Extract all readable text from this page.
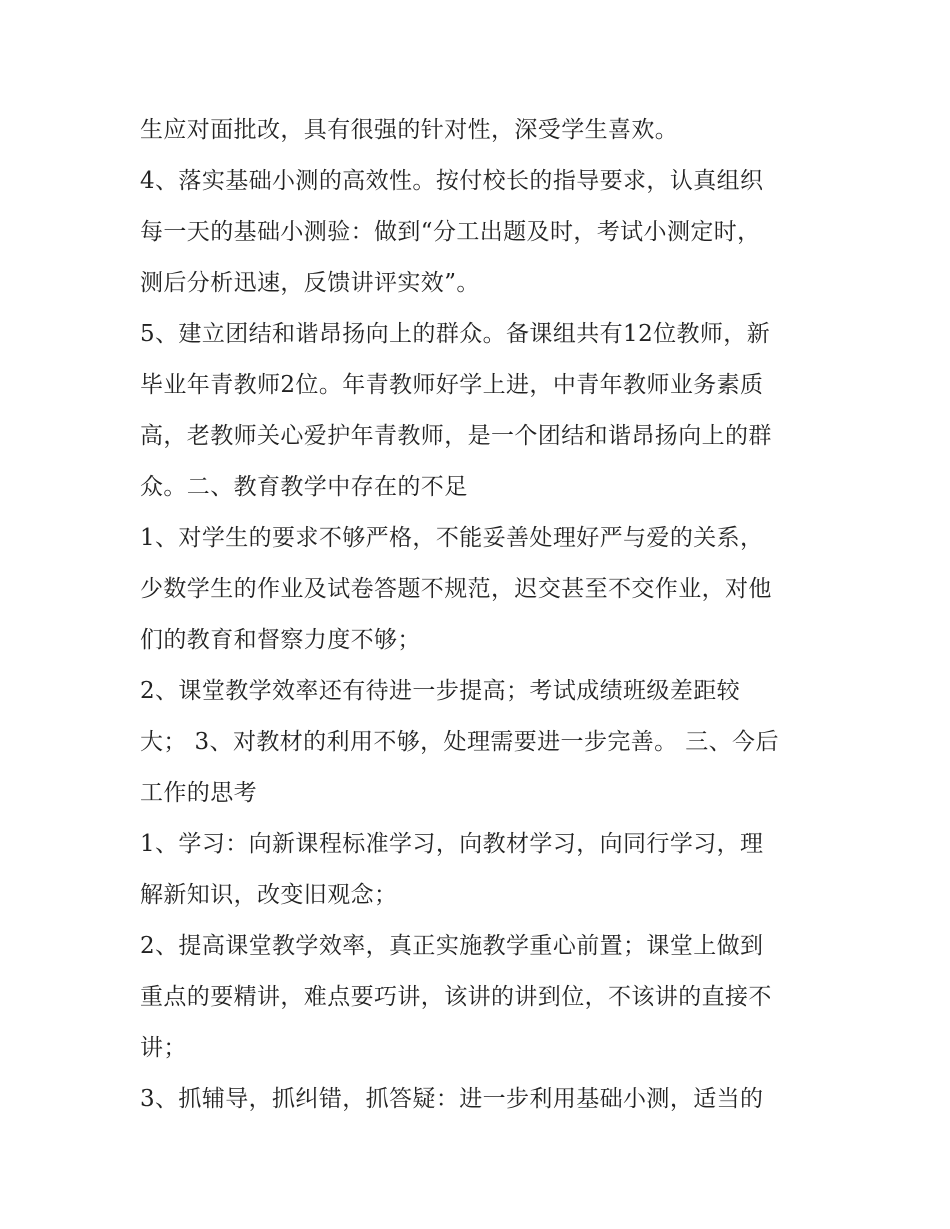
生应对面批改，具有很强的针对性，深受学生喜欢。
4、落实基础小测的高效性。按付校长的指导要求，认真组织
每一天的基础小测验：做到“分工出题及时，考试小测定时，
测后分析迅速，反馈讲评实效”。
5、建立团结和谐昂扬向上的群众。备课组共有12位教师，新
毕业年青教师2位。年青教师好学上进，中青年教师业务素质
高，老教师关心爱护年青教师，是一个团结和谐昂扬向上的群
众。二、教育教学中存在的不足
1、对学生的要求不够严格，不能妥善处理好严与爱的关系，
少数学生的作业及试卷答题不规范，迟交甚至不交作业，对他
们的教育和督察力度不够；
2、课堂教学效率还有待进一步提高；考试成绩班级差距较
大； 3、对教材的利用不够，处理需要进一步完善。 三、今后
工作的思考
1、学习：向新课程标准学习，向教材学习，向同行学习，理
解新知识，改变旧观念；
2、提高课堂教学效率，真正实施教学重心前置；课堂上做到
重点的要精讲，难点要巧讲，该讲的讲到位，不该讲的直接不
讲；
3、抓辅导，抓纠错，抓答疑：进一步利用基础小测，适当的
